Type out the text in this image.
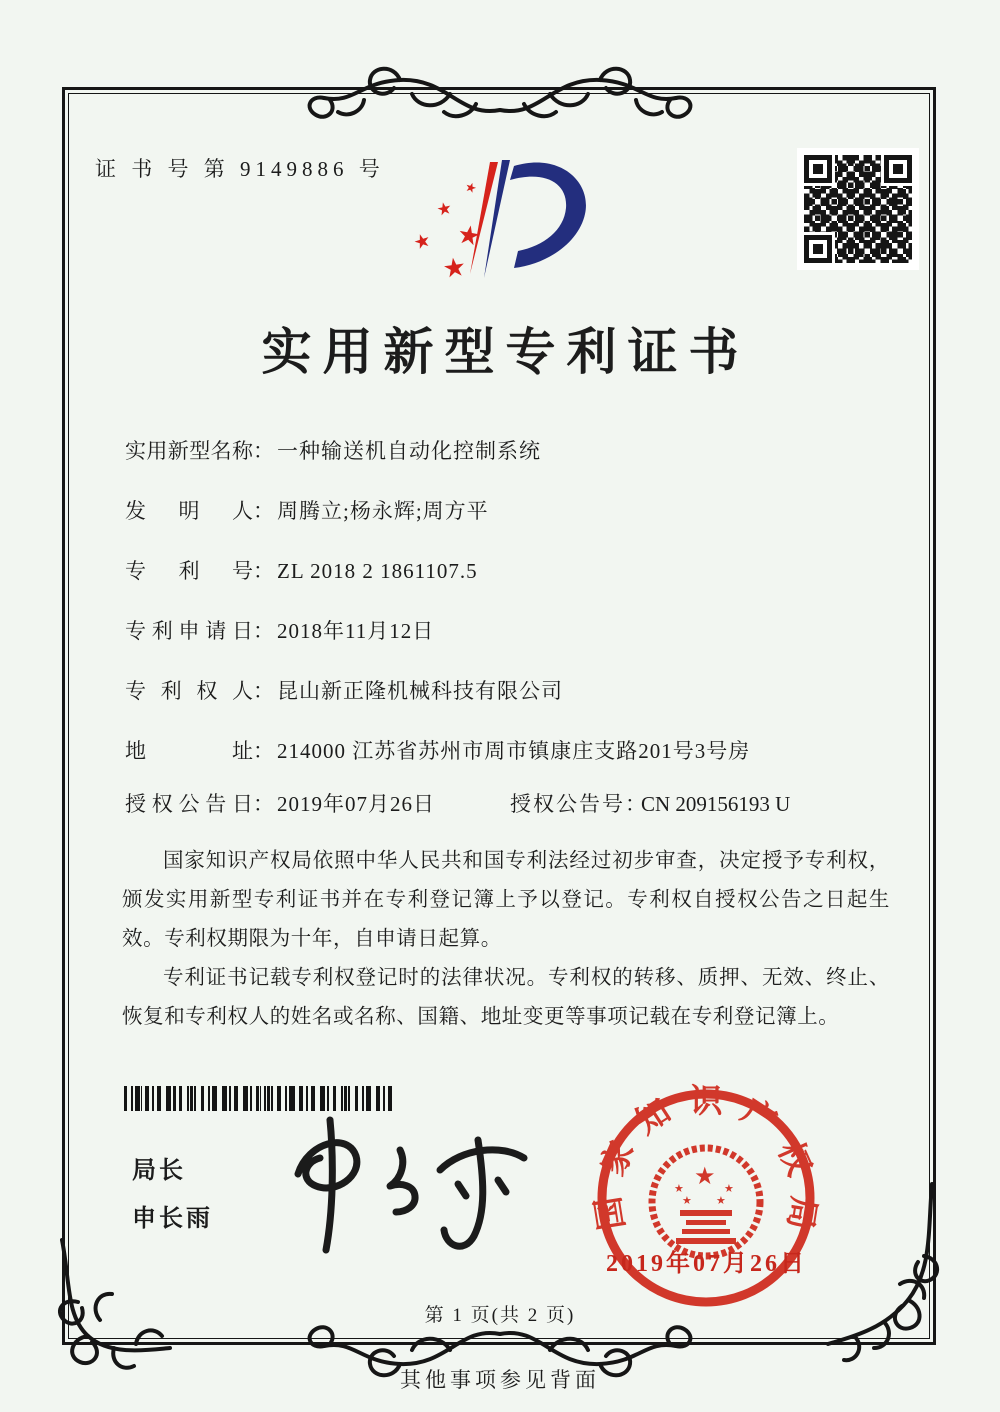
证 书 号 第 9149886 号
★
★
★
★
★
实用新型专利证书
实用新型名称： 一种输送机自动化控制系统
发明人： 周腾立;杨永辉;周方平
专利号： ZL 2018 2 1861107.5
专利申请日： 2018年11月12日
专利权人： 昆山新正隆机械科技有限公司
地址： 214000 江苏省苏州市周市镇康庄支路201号3号房
授权公告日： 2019年07月26日	授权公告号：CN 209156193 U

国家知识产权局依照中华人民共和国专利法经过初步审查，决定授予专利权，颁发实用新型专利证书并在专利登记簿上予以登记。专利权自授权公告之日起生效。专利权期限为十年，自申请日起算。

专利证书记载专利权登记时的法律状况。专利权的转移、质押、无效、终止、恢复和专利权人的姓名或名称、国籍、地址变更等事项记载在专利登记簿上。

局长
申长雨	国家知识产权局
★
★	★
★ ★
2019年07月26日
第 1 页(共 2 页)
其他事项参见背面
